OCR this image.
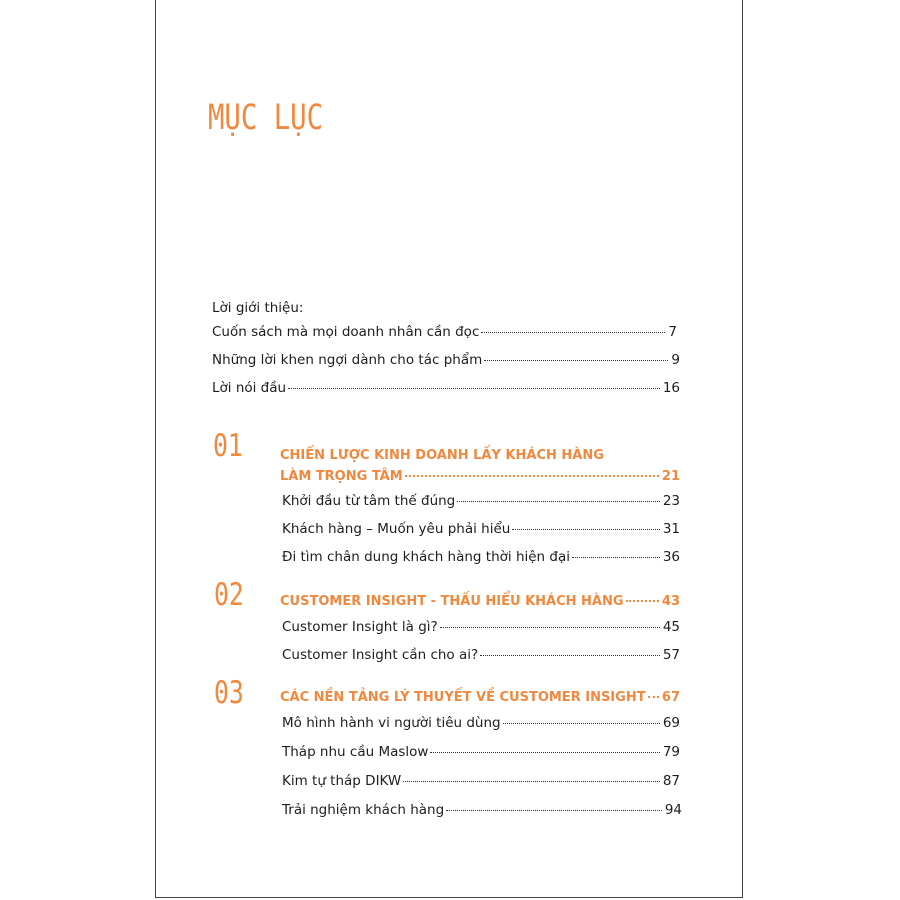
MỤC LỤC
Lời giới thiệu:
Cuốn sách mà mọi doanh nhân cần đọc	7
Những lời khen ngợi dành cho tác phẩm	9
Lời nói đầu	16
01	CHIẾN LƯỢC KINH DOANH LẤY KHÁCH HÀNG
LÀM TRỌNG TÂM	21
Khởi đầu từ tâm thế đúng	23
Khách hàng – Muốn yêu phải hiểu	31
Đi tìm chân dung khách hàng thời hiện đại	36
02	CUSTOMER INSIGHT - THẤU HIỂU KHÁCH HÀNG	43
Customer Insight là gì?	45
Customer Insight cần cho ai?	57
03	CÁC NỀN TẢNG LÝ THUYẾT VỀ CUSTOMER INSIGHT 67
Mô hình hành vi người tiêu dùng	69
Tháp nhu cầu Maslow	79
Kim tự tháp DIKW	87
Trải nghiệm khách hàng	94
